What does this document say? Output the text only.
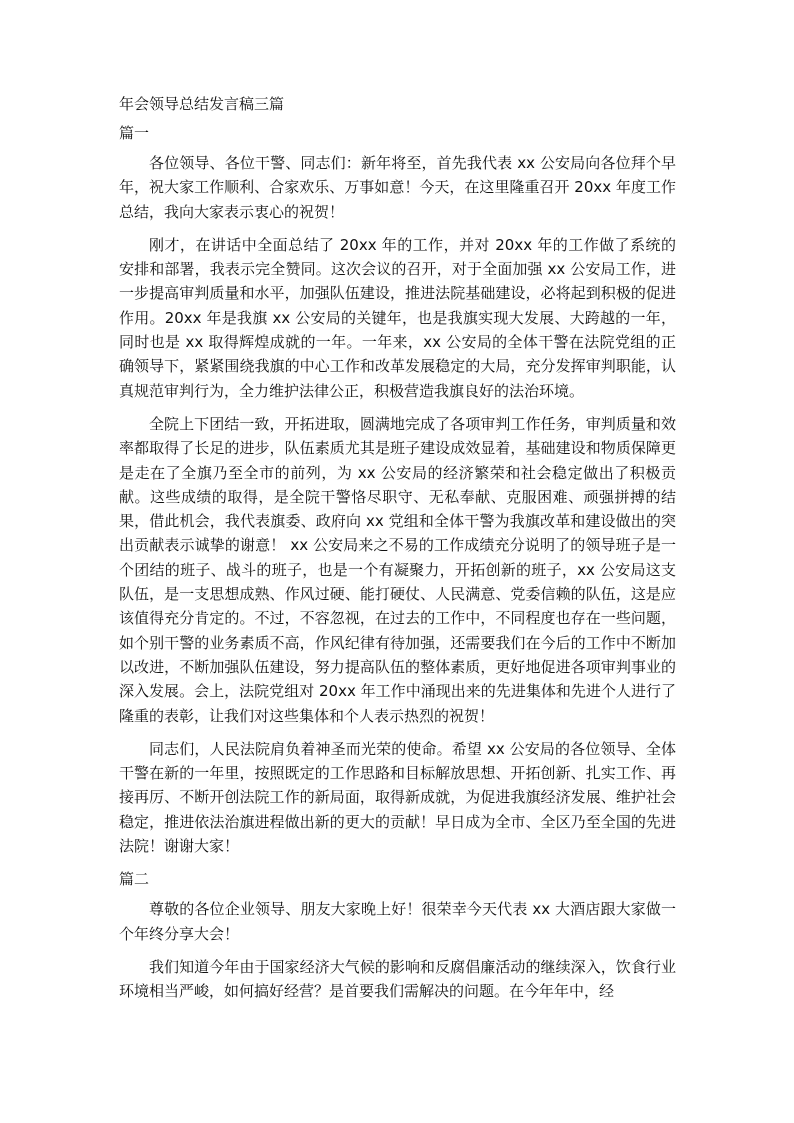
年会领导总结发言稿三篇
篇一

各位领导、各位干警、同志们：新年将至，首先我代表 xx 公安局向各位拜个早年，祝大家工作顺利、合家欢乐、万事如意！今天，在这里隆重召开 20xx 年度工作总结，我向大家表示衷心的祝贺！

刚才，在讲话中全面总结了 20xx 年的工作，并对 20xx 年的工作做了系统的安排和部署，我表示完全赞同。这次会议的召开，对于全面加强 xx 公安局工作，进一步提高审判质量和水平，加强队伍建设，推进法院基础建设，必将起到积极的促进作用。20xx 年是我旗 xx 公安局的关键年，也是我旗实现大发展、大跨越的一年，同时也是 xx 取得辉煌成就的一年。一年来，xx 公安局的全体干警在法院党组的正确领导下，紧紧围绕我旗的中心工作和改革发展稳定的大局，充分发挥审判职能，认真规范审判行为，全力维护法律公正，积极营造我旗良好的法治环境。

全院上下团结一致，开拓进取，圆满地完成了各项审判工作任务，审判质量和效率都取得了长足的进步，队伍素质尤其是班子建设成效显着，基础建设和物质保障更是走在了全旗乃至全市的前列，为 xx 公安局的经济繁荣和社会稳定做出了积极贡献。这些成绩的取得，是全院干警恪尽职守、无私奉献、克服困难、顽强拼搏的结果，借此机会，我代表旗委、政府向 xx 党组和全体干警为我旗改革和建设做出的突出贡献表示诚挚的谢意！ xx 公安局来之不易的工作成绩充分说明了的领导班子是一个团结的班子、战斗的班子，也是一个有凝聚力，开拓创新的班子，xx 公安局这支队伍，是一支思想成熟、作风过硬、能打硬仗、人民满意、党委信赖的队伍，这是应该值得充分肯定的。不过，不容忽视，在过去的工作中，不同程度也存在一些问题，如个别干警的业务素质不高，作风纪律有待加强，还需要我们在今后的工作中不断加以改进，不断加强队伍建设，努力提高队伍的整体素质，更好地促进各项审判事业的深入发展。会上，法院党组对 20xx 年工作中涌现出来的先进集体和先进个人进行了隆重的表彰，让我们对这些集体和个人表示热烈的祝贺！

同志们，人民法院肩负着神圣而光荣的使命。希望 xx 公安局的各位领导、全体干警在新的一年里，按照既定的工作思路和目标解放思想、开拓创新、扎实工作、再接再厉、不断开创法院工作的新局面，取得新成就，为促进我旗经济发展、维护社会稳定，推进依法治旗进程做出新的更大的贡献！早日成为全市、全区乃至全国的先进法院！谢谢大家！

篇二

尊敬的各位企业领导、朋友大家晚上好！很荣幸今天代表 xx 大酒店跟大家做一个年终分享大会！

我们知道今年由于国家经济大气候的影响和反腐倡廉活动的继续深入，饮食行业环境相当严峻，如何搞好经营？是首要我们需解决的问题。在今年年中，经
